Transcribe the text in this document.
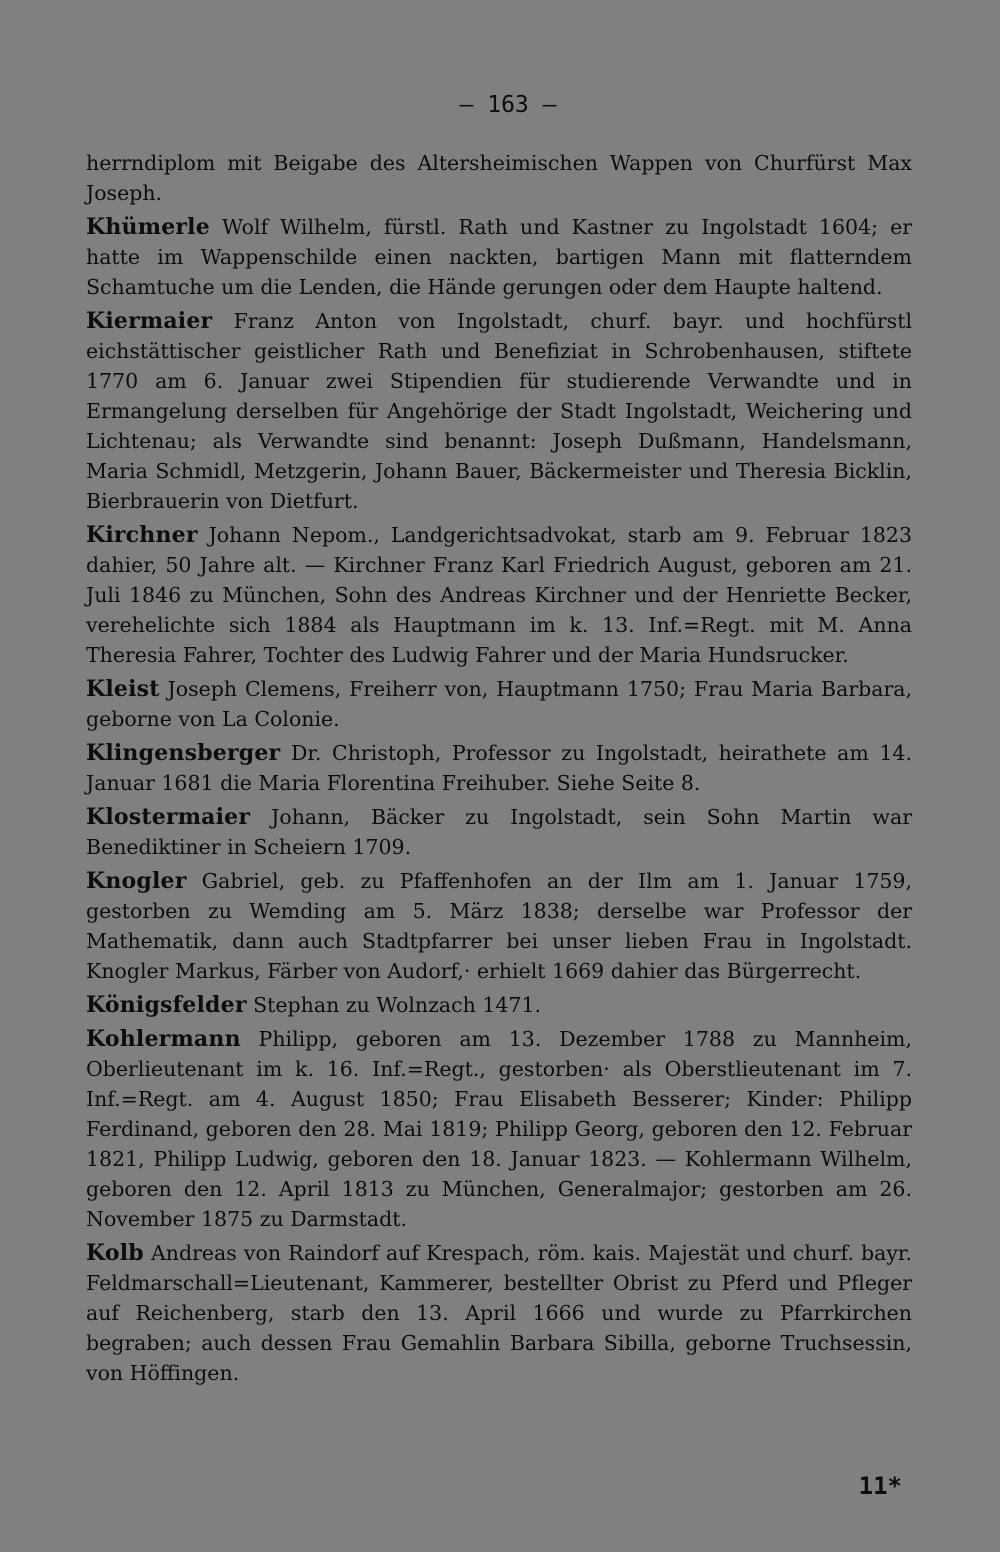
— 163 —
herrndiplom mit Beigabe des Altersheimischen Wappen von Churfürst Max Joseph.
Khümerle Wolf Wilhelm, fürstl. Rath und Kastner zu Ingolstadt 1604; er hatte im Wappenschilde einen nackten, bartigen Mann mit flatterndem Schamtuche um die Lenden, die Hände gerungen oder dem Haupte haltend.
Kiermaier Franz Anton von Ingolstadt, churf. bayr. und hochfürstl eichstättischer geistlicher Rath und Benefiziat in Schrobenhausen, stiftete 1770 am 6. Januar zwei Stipendien für studierende Verwandte und in Ermangelung derselben für Angehörige der Stadt Ingolstadt, Weichering und Lichtenau; als Verwandte sind benannt: Joseph Dußmann, Handelsmann, Maria Schmidl, Metzgerin, Johann Bauer, Bäckermeister und Theresia Bicklin, Bierbrauerin von Dietfurt.
Kirchner Johann Nepom., Landgerichtsadvokat, starb am 9. Februar 1823 dahier, 50 Jahre alt. — Kirchner Franz Karl Friedrich August, geboren am 21. Juli 1846 zu München, Sohn des Andreas Kirchner und der Henriette Becker, verehelichte sich 1884 als Hauptmann im k. 13. Inf.=Regt. mit M. Anna Theresia Fahrer, Tochter des Ludwig Fahrer und der Maria Hundsrucker.
Kleist Joseph Clemens, Freiherr von, Hauptmann 1750; Frau Maria Barbara, geborne von La Colonie.
Klingensberger Dr. Christoph, Professor zu Ingolstadt, heirathete am 14. Januar 1681 die Maria Florentina Freihuber. Siehe Seite 8.
Klostermaier Johann, Bäcker zu Ingolstadt, sein Sohn Martin war Benediktiner in Scheiern 1709.
Knogler Gabriel, geb. zu Pfaffenhofen an der Ilm am 1. Januar 1759, gestorben zu Wemding am 5. März 1838; derselbe war Professor der Mathematik, dann auch Stadtpfarrer bei unser lieben Frau in Ingolstadt. Knogler Markus, Färber von Audorf,· erhielt 1669 dahier das Bürgerrecht.
Königsfelder Stephan zu Wolnzach 1471.
Kohlermann Philipp, geboren am 13. Dezember 1788 zu Mannheim, Oberlieutenant im k. 16. Inf.=Regt., gestorben· als Oberstlieutenant im 7. Inf.=Regt. am 4. August 1850; Frau Elisabeth Besserer; Kinder: Philipp Ferdinand, geboren den 28. Mai 1819; Philipp Georg, geboren den 12. Februar 1821, Philipp Ludwig, geboren den 18. Januar 1823. — Kohlermann Wilhelm, geboren den 12. April 1813 zu München, Generalmajor; gestorben am 26. November 1875 zu Darmstadt.
Kolb Andreas von Raindorf auf Krespach, röm. kais. Majestät und churf. bayr. Feldmarschall=Lieutenant, Kammerer, bestellter Obrist zu Pferd und Pfleger auf Reichenberg, starb den 13. April 1666 und wurde zu Pfarrkirchen begraben; auch dessen Frau Gemahlin Barbara Sibilla, geborne Truchsessin, von Höffingen.
11*
